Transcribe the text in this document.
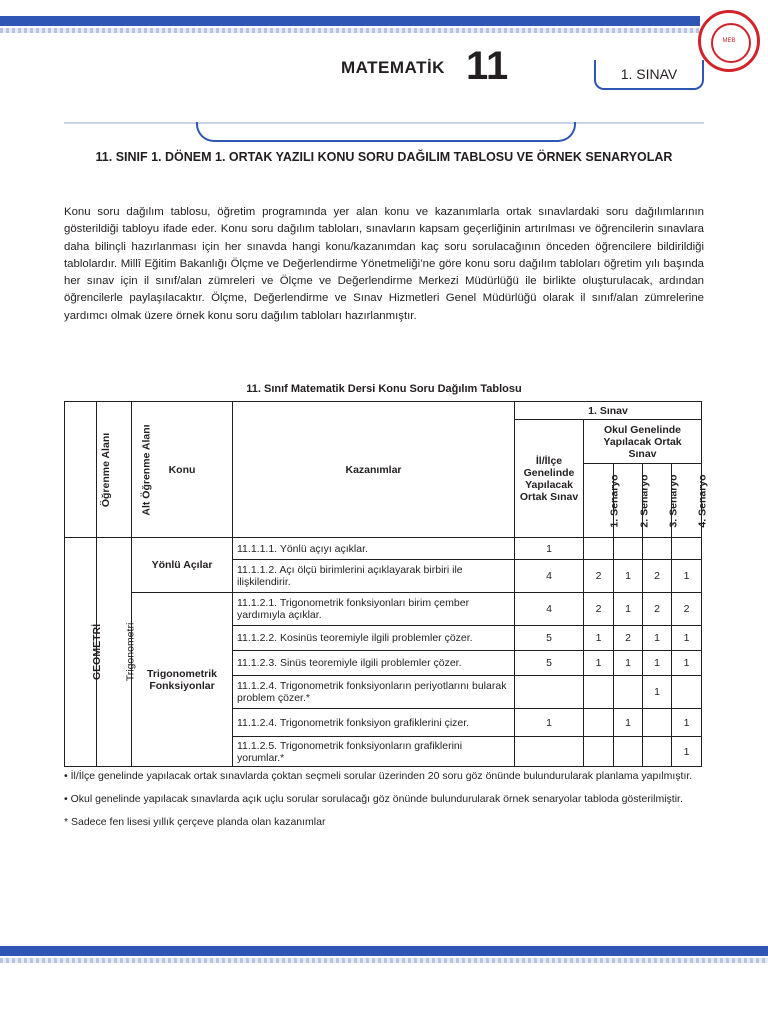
MEB
MATEMATİK 11	1. SINAV
11. SINIF 1. DÖNEM 1. ORTAK YAZILI KONU SORU DAĞILIM TABLOSU VE ÖRNEK SENARYOLAR
Konu soru dağılım tablosu, öğretim programında yer alan konu ve kazanımlarla ortak sınavlardaki soru dağılımlarının gösterildiği tabloyu ifade eder. Konu soru dağılım tabloları, sınavların kapsam geçerliğinin artırılması ve öğrencilerin sınavlara daha bilinçli hazırlanması için her sınavda hangi konu/kazanımdan kaç soru sorulacağının önceden öğrencilere bildirildiği tablolardır. Millî Eğitim Bakanlığı Ölçme ve Değerlendirme Yönetmeliği’ne göre konu soru dağılım tabloları öğretim yılı başında her sınav için il sınıf/alan zümreleri ve Ölçme ve Değerlendirme Merkezi Müdürlüğü ile birlikte oluşturulacak, ardından öğrencilerle paylaşılacaktır. Ölçme, Değerlendirme ve Sınav Hizmetleri Genel Müdürlüğü olarak il sınıf/alan zümrelerine yardımcı olmak üzere örnek konu soru dağılım tabloları hazırlanmıştır.
11. Sınıf Matematik Dersi Konu Soru Dağılım Tablosu
Öğrenme Alanı	Alt Öğrenme Alanı	Konu	Kazanımlar	1. Sınav				
				İl/İlçe Genelinde Yapılacak Ortak Sınav	Okul Genelinde Yapılacak Ortak Sınav			
					1. Senaryo	2. Senaryo	3. Senaryo	4. Senaryo
GEOMETRİ	Trigonometri	Yönlü Açılar	11.1.1.1. Yönlü açıyı açıklar.	1				
			11.1.1.2. Açı ölçü birimlerini açıklayarak birbiri ile ilişkilendirir.	4	2	1	2	1
		Trigonometrik Fonksiyonlar	11.1.2.1. Trigonometrik fonksiyonları birim çember yardımıyla açıklar.	4	2	1	2	2
			11.1.2.2. Kosinüs teoremiyle ilgili problemler çözer.	5	1	2	1	1
			11.1.2.3. Sinüs teoremiyle ilgili problemler çözer.	5	1	1	1	1
			11.1.2.4. Trigonometrik fonksiyonların periyotlarını bularak problem çözer.*				1	
			11.1.2.4. Trigonometrik fonksiyon grafiklerini çizer.	1		1		1
			11.1.2.5. Trigonometrik fonksiyonların grafiklerini yorumlar.*					1

• İl/İlçe genelinde yapılacak ortak sınavlarda çoktan seçmeli sorular üzerinden 20 soru göz önünde bulundurularak planlama yapılmıştır.

• Okul genelinde yapılacak sınavlarda açık uçlu sorular sorulacağı göz önünde bulundurularak örnek senaryolar tabloda gösterilmiştir.

* Sadece fen lisesi yıllık çerçeve planda olan kazanımlar
